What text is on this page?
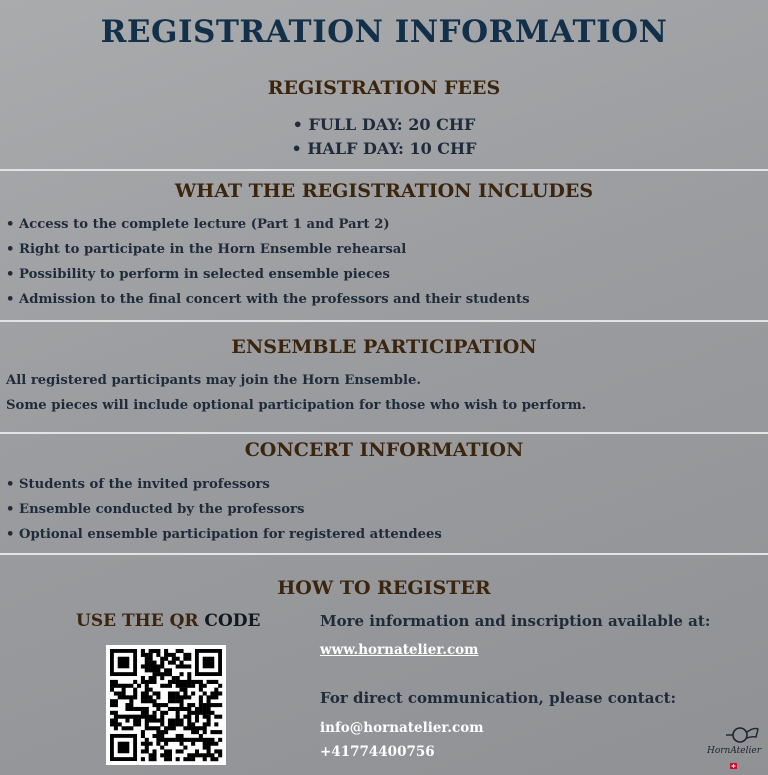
REGISTRATION INFORMATION
REGISTRATION FEES
• FULL DAY: 20 CHF
• HALF DAY: 10 CHF
WHAT THE REGISTRATION INCLUDES
• Access to the complete lecture (Part 1 and Part 2)
• Right to participate in the Horn Ensemble rehearsal
• Possibility to perform in selected ensemble pieces
• Admission to the final concert with the professors and their students
ENSEMBLE PARTICIPATION
All registered participants may join the Horn Ensemble.
Some pieces will include optional participation for those who wish to perform.
CONCERT INFORMATION
• Students of the invited professors
• Ensemble conducted by the professors
• Optional ensemble participation for registered attendees
HOW TO REGISTER
USE THE QR CODE	More information and inscription available at:
www.hornatelier.com
For direct communication, please contact:
info@hornatelier.com
+41774400756	HornAtelier
